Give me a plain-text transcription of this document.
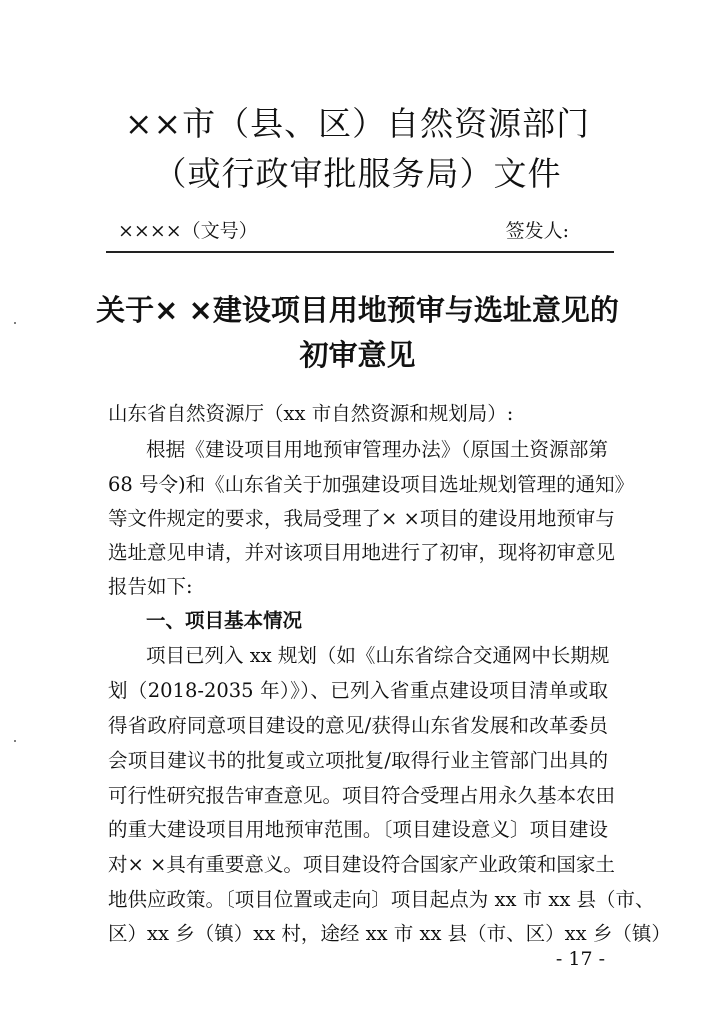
××市（县、区）自然资源部门
（或行政审批服务局）文件
××××（文号）	签发人:
关于× ×建设项目用地预审与选址意见的
初审意见
山东省自然资源厅（xx 市自然资源和规划局）:
根据《建设项目用地预审管理办法》（原国土资源部第
68 号令)和《山东省关于加强建设项目选址规划管理的通知》
等文件规定的要求，我局受理了× ×项目的建设用地预审与
选址意见申请，并对该项目用地进行了初审，现将初审意见
报告如下:
一、项目基本情况
项目已列入 xx 规划（如《山东省综合交通网中长期规
划（2018-2035 年）》）、已列入省重点建设项目清单或取
得省政府同意项目建设的意见/获得山东省发展和改革委员
会项目建议书的批复或立项批复/取得行业主管部门出具的
可行性研究报告审查意见。项目符合受理占用永久基本农田
的重大建设项目用地预审范围。〔项目建设意义〕项目建设
对× ×具有重要意义。项目建设符合国家产业政策和国家土
地供应政策。〔项目位置或走向〕项目起点为 xx 市 xx 县（市、
区）xx 乡（镇）xx 村，途经 xx 市 xx 县（市、区）xx 乡（镇）
- 17 -
